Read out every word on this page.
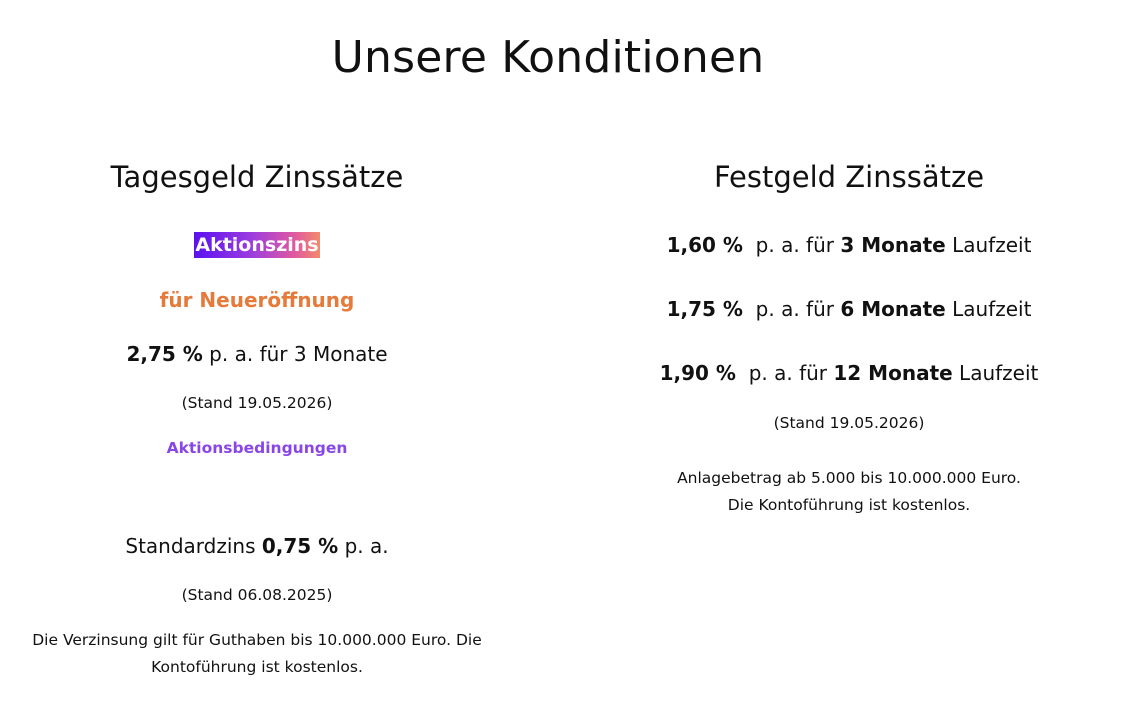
Unsere Konditionen
Tagesgeld Zinssätze
Aktionszins

für Neueröffnung

2,75 % p. a. für 3 Monate

(Stand 19.05.2026)

Aktionsbedingungen

Standardzins 0,75 % p. a.

(Stand 06.08.2025)

Die Verzinsung gilt für Guthaben bis 10.000.000 Euro. Die
Kontoführung ist kostenlos.

Festgeld Zinssätze

1,60 %  p. a. für 3 Monate Laufzeit

1,75 %  p. a. für 6 Monate Laufzeit

1,90 %  p. a. für 12 Monate Laufzeit

(Stand 19.05.2026)

Anlagebetrag ab 5.000 bis 10.000.000 Euro.
Die Kontoführung ist kostenlos.
